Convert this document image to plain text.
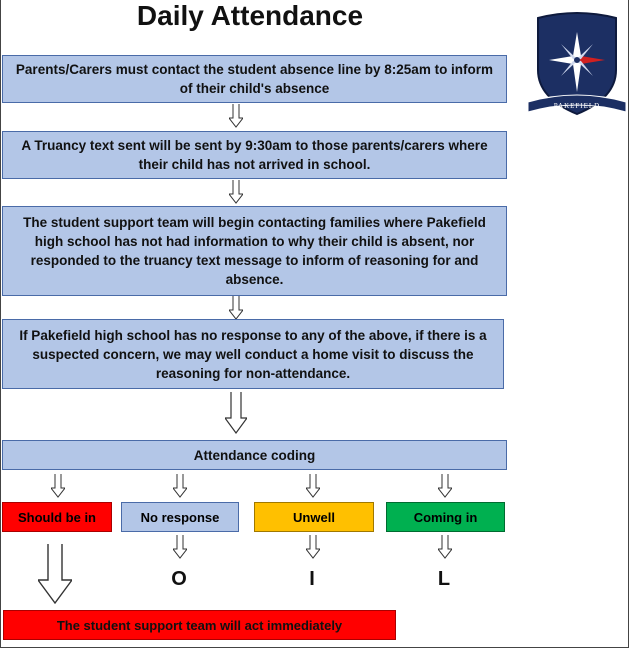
Daily Attendance
PAKEFIELD
Parents/Carers must contact the student absence line by 8:25am to inform of their child's absence
A Truancy text sent will be sent by 9:30am to those parents/carers where their child has not arrived in school.
The student support team will begin contacting families where Pakefield high school has not had information to why their child is absent, nor responded to the truancy text message to inform of reasoning for and absence.
If Pakefield high school has no response to any of the above, if there is a suspected concern, we may well conduct a home visit to discuss the reasoning for non-attendance.
Attendance coding
Should be in	No response	Unwell	Coming in
O	I	L
The student support team will act immediately
